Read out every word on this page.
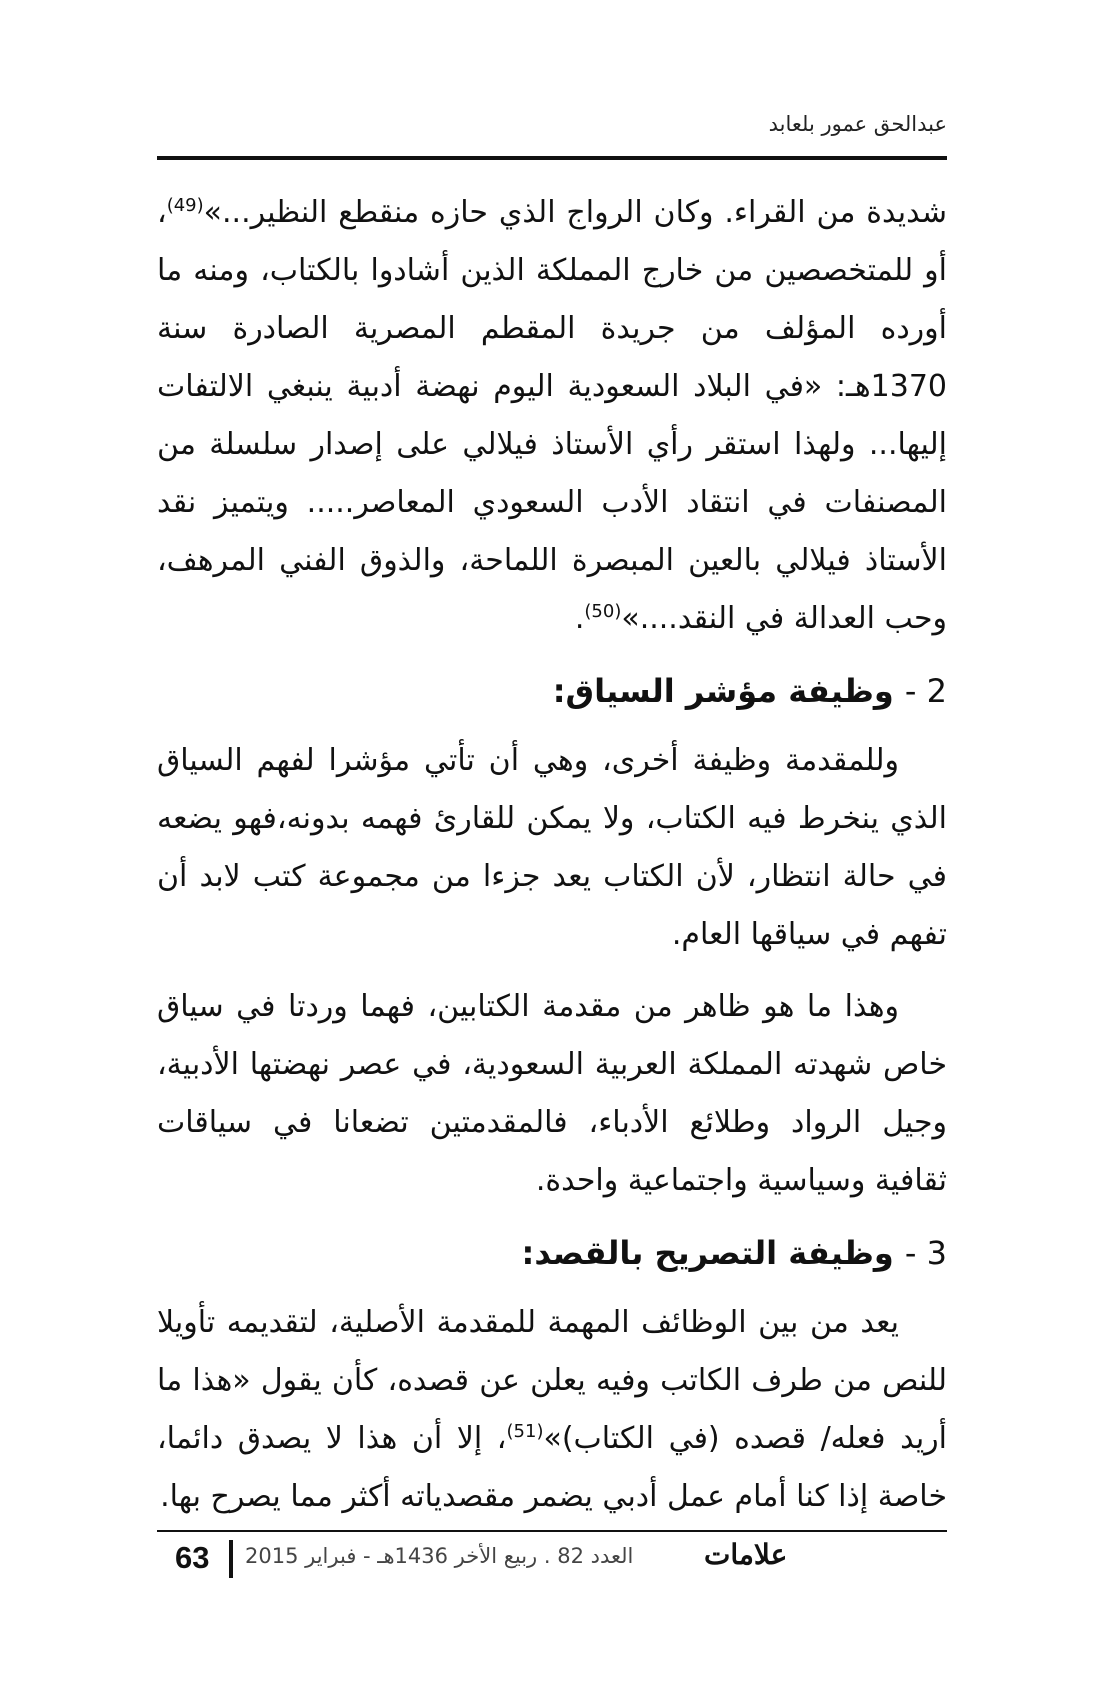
عبدالحق عمور بلعابد

شديدة من القراء. وكان الرواج الذي حازه منقطع النظير...»$^{(49)}$، أو للمتخصصين من خارج المملكة الذين أشادوا بالكتاب، ومنه ما أورده المؤلف من جريدة المقطم المصرية الصادرة سنة 1370هـ: «في البلاد السعودية اليوم نهضة أدبية ينبغي الالتفات إليها... ولهذا استقر رأي الأستاذ فيلالي على إصدار سلسلة من المصنفات في انتقاد الأدب السعودي المعاصر..... ويتميز نقد الأستاذ فيلالي بالعين المبصرة اللماحة، والذوق الفني المرهف، وحب العدالة في النقد....»$^{(50)}$.

2 - وظيفة مؤشر السياق:

وللمقدمة وظيفة أخرى، وهي أن تأتي مؤشرا لفهم السياق الذي ينخرط فيه الكتاب، ولا يمكن للقارئ فهمه بدونه،فهو يضعه في حالة انتظار، لأن الكتاب يعد جزءا من مجموعة كتب لابد أن تفهم في سياقها العام.

وهذا ما هو ظاهر من مقدمة الكتابين، فهما وردتا في سياق خاص شهدته المملكة العربية السعودية، في عصر نهضتها الأدبية، وجيل الرواد وطلائع الأدباء، فالمقدمتين تضعانا في سياقات ثقافية وسياسية واجتماعية واحدة.

3 - وظيفة التصريح بالقصد:

يعد من بين الوظائف المهمة للمقدمة الأصلية، لتقديمه تأويلا للنص من طرف الكاتب وفيه يعلن عن قصده، كأن يقول «هذا ما أريد فعله/ قصده (في الكتاب)»$^{(51)}$، إلا أن هذا لا يصدق دائما، خاصة إذا كنا أمام عمل أدبي يضمر مقصدياته أكثر مما يصرح بها.

63 العدد 82 . ربيع الأخر 1436هـ - فبراير 2015	علامات
